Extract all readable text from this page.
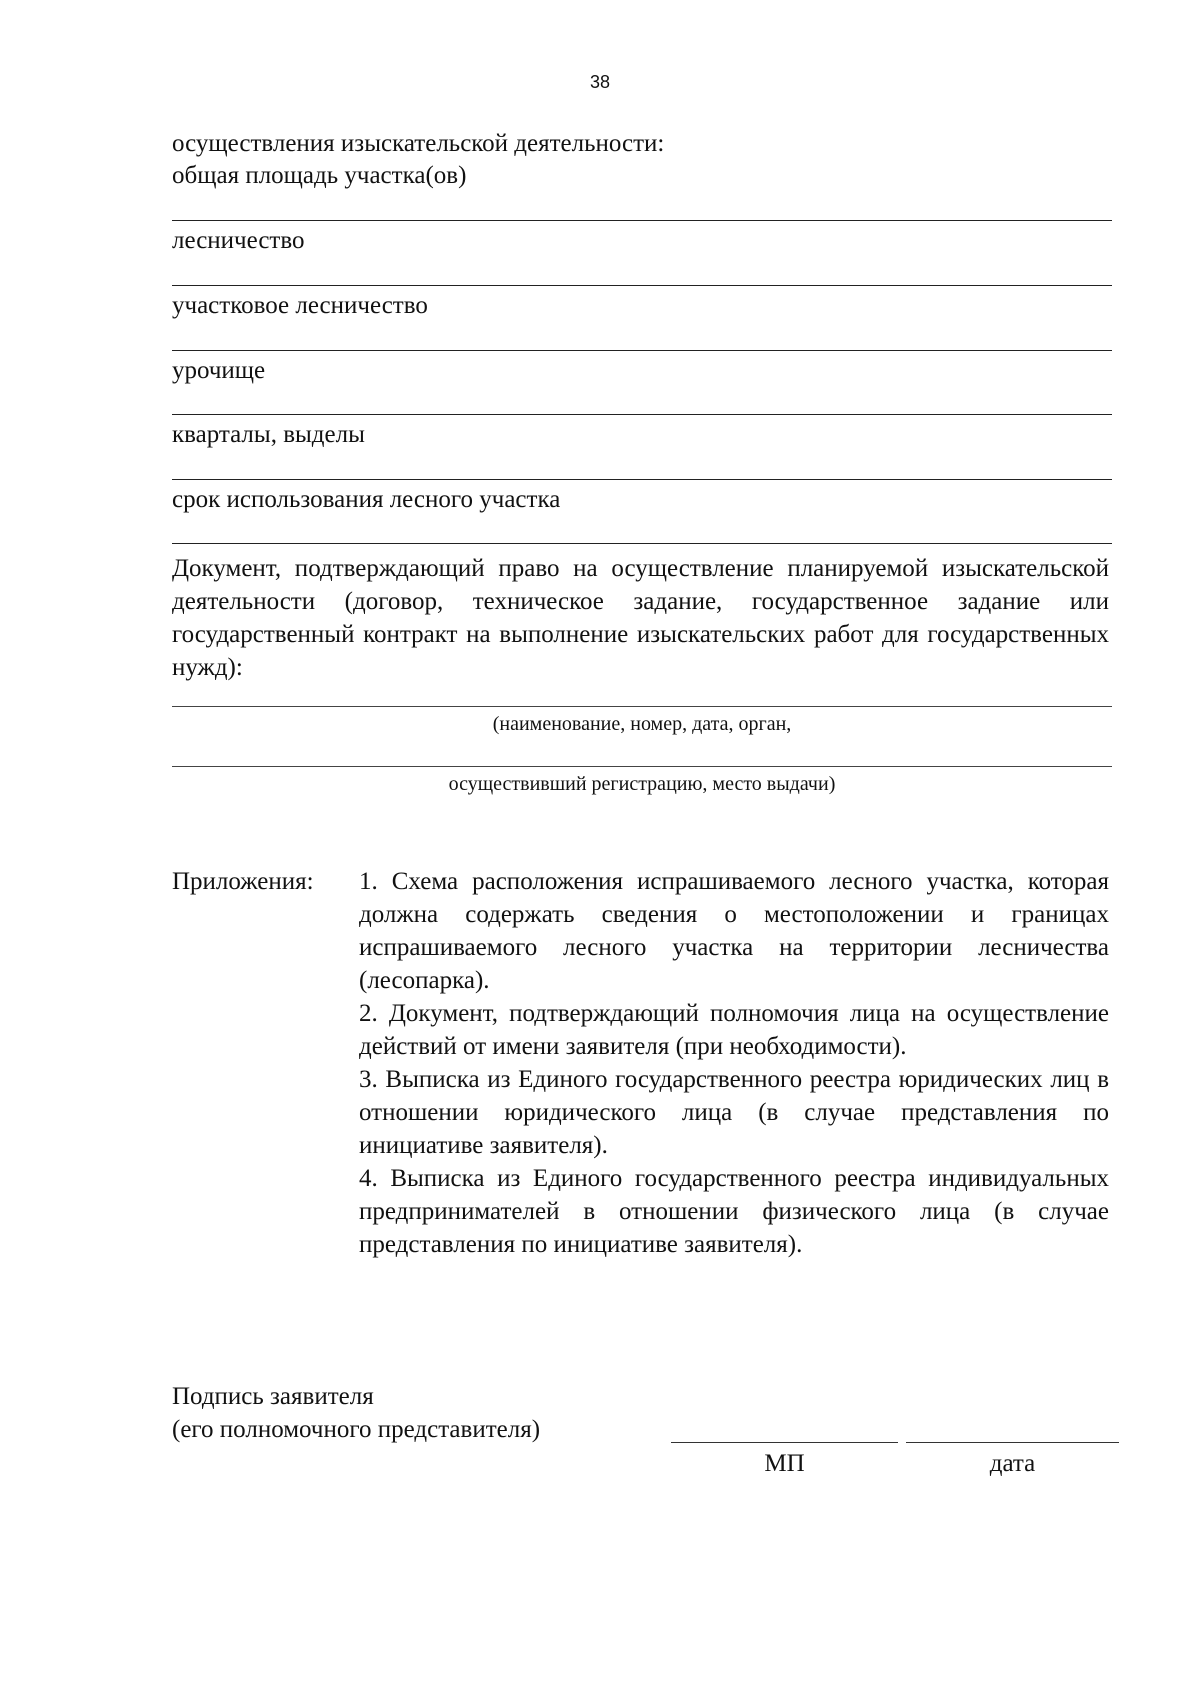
38
осуществления изыскательской деятельности:
общая площадь участка(ов)
лесничество
участковое лесничество
урочище
кварталы, выделы
срок использования лесного участка
Документ, подтверждающий право на осуществление планируемой изыскательской деятельности (договор, техническое задание, государственное задание или государственный контракт на выполнение изыскательских работ для государственных нужд):
(наименование, номер, дата, орган,
осуществивший регистрацию, место выдачи)
Приложения: 1. Схема расположения испрашиваемого лесного участка, которая должна содержать сведения о местоположении и границах испрашиваемого лесного участка на территории лесничества (лесопарка).
2. Документ, подтверждающий полномочия лица на осуществление действий от имени заявителя (при необходимости).
3. Выписка из Единого государственного реестра юридических лиц в отношении юридического лица (в случае представления по инициативе заявителя).
4. Выписка из Единого государственного реестра индивидуальных предпринимателей в отношении физического лица (в случае представления по инициативе заявителя).
Подпись заявителя
(его полномочного представителя)
МП	дата
